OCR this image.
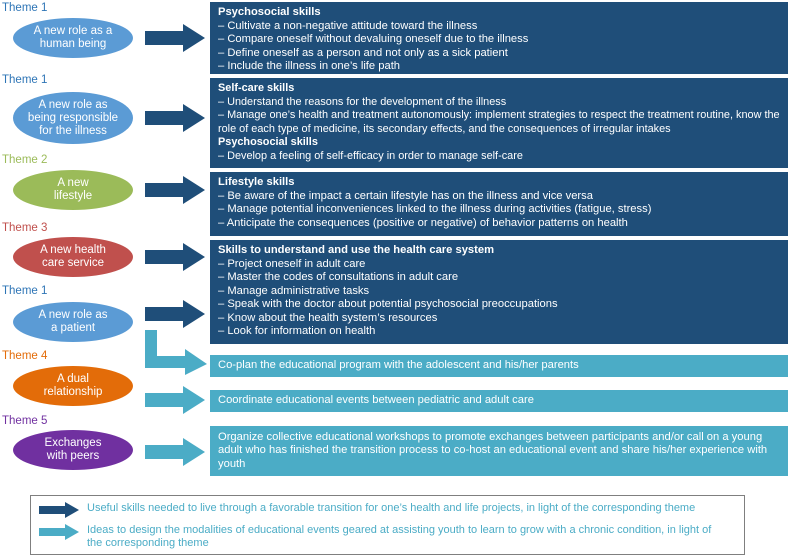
Theme 1
Theme 1
Theme 2
Theme 3
Theme 1
Theme 4
Theme 5
A new role as a human being
A new role as being responsible for the illness
A new lifestyle
A new health care service
A new role as a patient
A dual relationship
Exchanges with peers

Psychosocial skills

– Cultivate a non-negative attitude toward the illness

– Compare oneself without devaluing oneself due to the illness

– Define oneself as a person and not only as a sick patient

– Include the illness in one’s life path

Self-care skills

– Understand the reasons for the development of the illness

– Manage one’s health and treatment autonomously: implement strategies to respect the treatment routine, know the role of each type of medicine, its secondary effects, and the consequences of irregular intakes

Psychosocial skills

– Develop a feeling of self-efficacy in order to manage self-care

Lifestyle skills

– Be aware of the impact a certain lifestyle has on the illness and vice versa

– Manage potential inconveniences linked to the illness during activities (fatigue, stress)

– Anticipate the consequences (positive or negative) of behavior patterns on health

Skills to understand and use the health care system

– Project oneself in adult care

– Master the codes of consultations in adult care

– Manage administrative tasks

– Speak with the doctor about potential psychosocial preoccupations

– Know about the health system’s resources

– Look for information on health

Co-plan the educational program with the adolescent and his/her parents
Coordinate educational events between pediatric and adult care
Organize collective educational workshops to promote exchanges between participants and/or call on a young adult who has finished the transition process to co-host an educational event and share his/her experience with youth
Useful skills needed to live through a favorable transition for one’s health and life projects, in light of the corresponding theme
Ideas to design the modalities of educational events geared at assisting youth to learn to grow with a chronic condition, in light of the corresponding theme
